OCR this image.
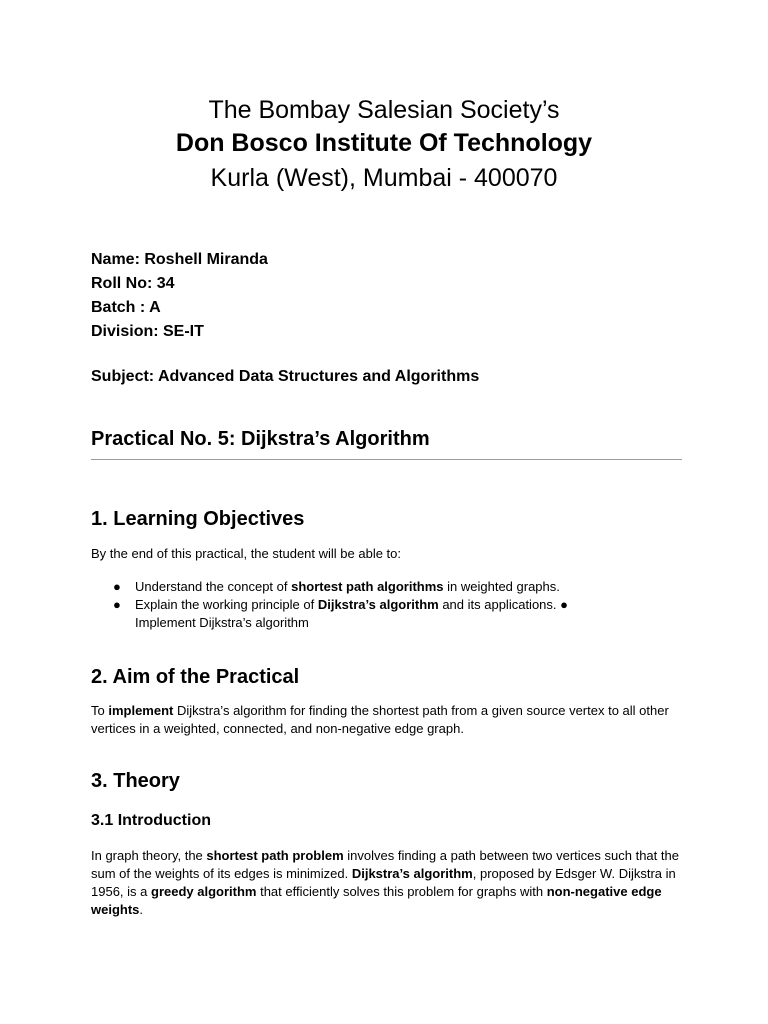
The Bombay Salesian Society’s
Don Bosco Institute Of Technology
Kurla (West), Mumbai - 400070
Name: Roshell Miranda
Roll No: 34
Batch : A
Division: SE-IT
Subject: Advanced Data Structures and Algorithms
Practical No. 5: Dijkstra’s Algorithm
1. Learning Objectives
By the end of this practical, the student will be able to:
● Understand the concept of shortest path algorithms in weighted graphs.
● Explain the working principle of Dijkstra’s algorithm and its applications. ●
Implement Dijkstra’s algorithm
2. Aim of the Practical
To implement Dijkstra’s algorithm for finding the shortest path from a given source vertex to all other vertices in a weighted, connected, and non-negative edge graph.
3. Theory
3.1 Introduction
In graph theory, the shortest path problem involves finding a path between two vertices such that the sum of the weights of its edges is minimized. Dijkstra’s algorithm, proposed by Edsger W. Dijkstra in 1956, is a greedy algorithm that efficiently solves this problem for graphs with non-negative edge weights.
